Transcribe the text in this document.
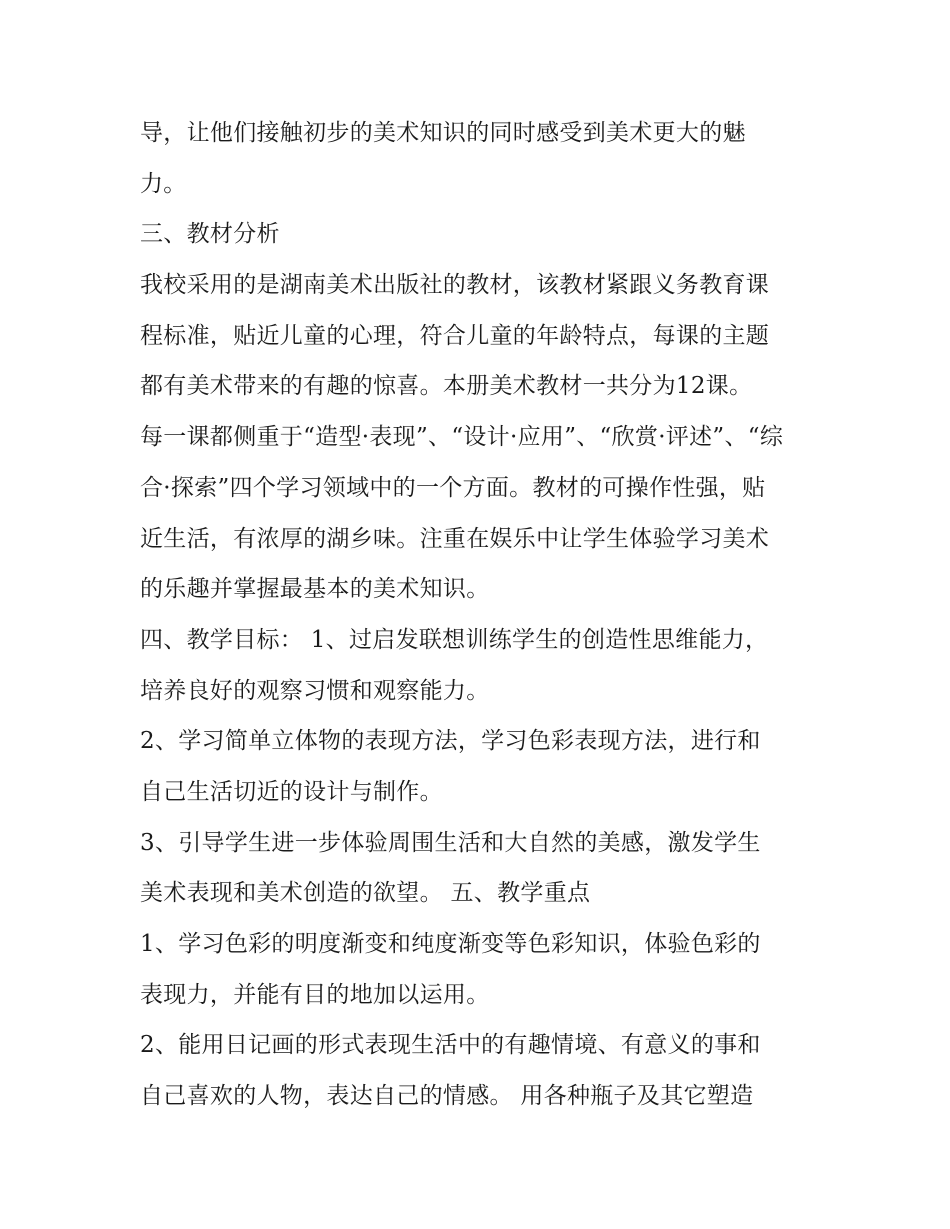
导，让他们接触初步的美术知识的同时感受到美术更大的魅
力。
三、教材分析
我校采用的是湖南美术出版社的教材，该教材紧跟义务教育课
程标准，贴近儿童的心理，符合儿童的年龄特点，每课的主题
都有美术带来的有趣的惊喜。本册美术教材一共分为12课。
每一课都侧重于“造型·表现”、“设计·应用”、“欣赏·评述”、“综
合·探索”四个学习领域中的一个方面。教材的可操作性强，贴
近生活，有浓厚的湖乡味。注重在娱乐中让学生体验学习美术
的乐趣并掌握最基本的美术知识。
四、教学目标： 1、过启发联想训练学生的创造性思维能力，
培养良好的观察习惯和观察能力。
2、学习简单立体物的表现方法，学习色彩表现方法，进行和
自己生活切近的设计与制作。
3、引导学生进一步体验周围生活和大自然的美感，激发学生
美术表现和美术创造的欲望。 五、教学重点
1、学习色彩的明度渐变和纯度渐变等色彩知识，体验色彩的
表现力，并能有目的地加以运用。
2、能用日记画的形式表现生活中的有趣情境、有意义的事和
自己喜欢的人物，表达自己的情感。 用各种瓶子及其它塑造
